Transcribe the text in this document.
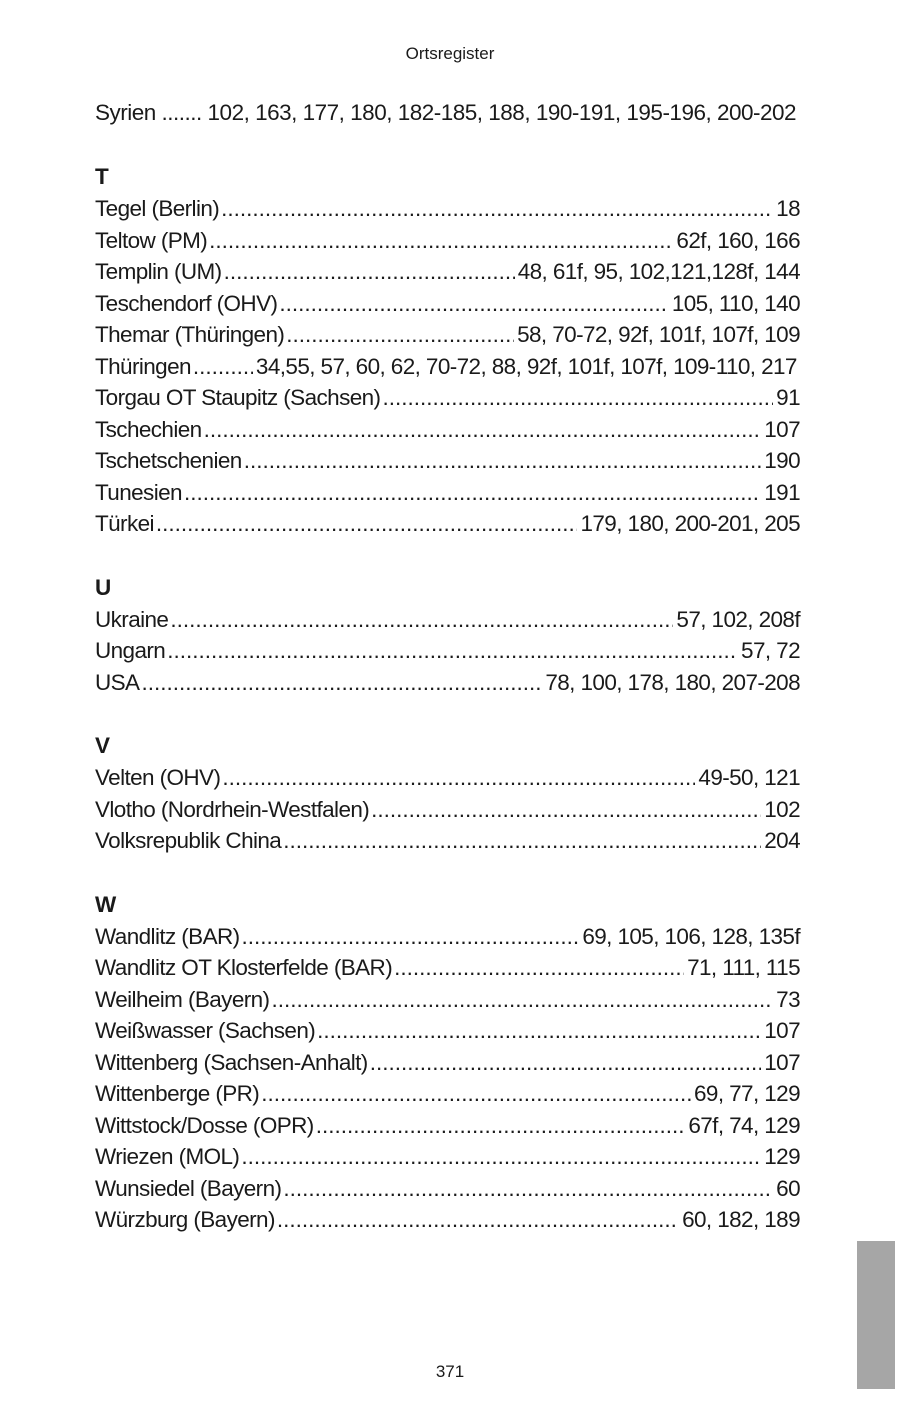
Ortsregister
Syrien ....... 102, 163, 177, 180, 182-185, 188, 190-191, 195-196, 200-202
T
Tegel (Berlin) .....	18
Teltow (PM) .....	62f, 160, 166
Templin (UM) .....	48, 61f, 95, 102,121,128f, 144
Teschendorf (OHV) .....	105, 110, 140
Themar (Thüringen) .....	58, 70-72, 92f, 101f, 107f, 109
Thüringen .....	34,55, 57, 60, 62, 70-72, 88, 92f, 101f, 107f, 109-110, 217
Torgau OT Staupitz (Sachsen) .....	91
Tschechien .....	107
Tschetschenien .....	190
Tunesien .....	191
Türkei .....	179, 180, 200-201, 205
U
Ukraine .....	57, 102, 208f
Ungarn .....	57, 72
USA .....	78, 100, 178, 180, 207-208
V
Velten (OHV) .....	49-50, 121
Vlotho (Nordrhein-Westfalen) .....	102
Volksrepublik China .....	204
W
Wandlitz (BAR) .....	69, 105, 106, 128, 135f
Wandlitz OT Klosterfelde (BAR) .....	71, 111, 115
Weilheim (Bayern) .....	73
Weißwasser (Sachsen) .....	107
Wittenberg (Sachsen-Anhalt) .....	107
Wittenberge (PR) .....	69, 77, 129
Wittstock/Dosse (OPR) .....	67f, 74, 129
Wriezen (MOL) .....	129
Wunsiedel (Bayern) .....	60
Würzburg (Bayern) .....	60, 182, 189
371
